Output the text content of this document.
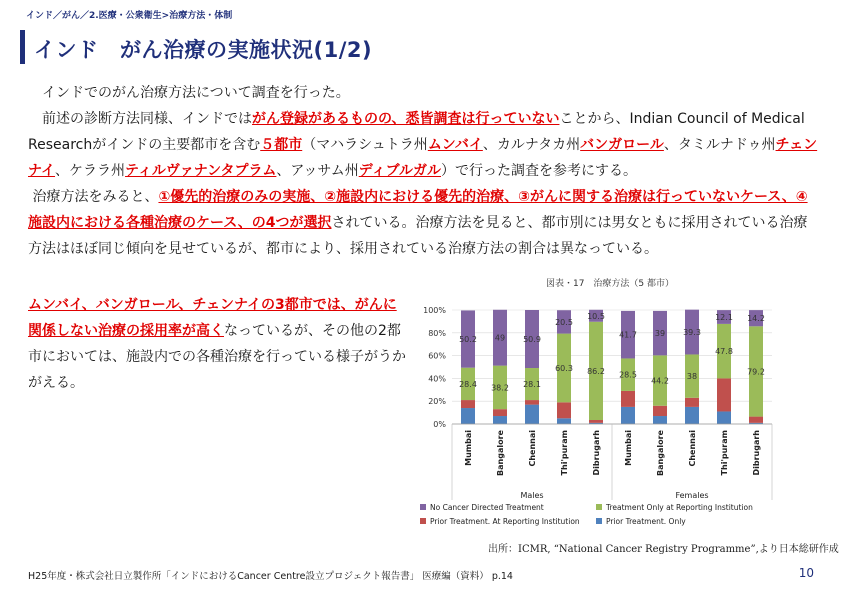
インド／がん／2.医療・公衆衛生>治療方法・体制
インド　がん治療の実施状況(1/2)

　インドでのがん治療方法について調査を行った。

　前述の診断方法同様、インドではがん登録があるものの、悉皆調査は行っていないことから、Indian Council of Medical Researchがインドの主要都市を含む５都市（マハラシュトラ州ムンバイ、カルナタカ州バンガロール、タミルナドゥ州チェンナイ、ケララ州ティルヴァナンタプラム、アッサム州ディブルガル）で行った調査を参考にする。

治療方法をみると、①優先的治療のみの実施、②施設内における優先的治療、③がんに関する治療は行っていないケース、④施設内における各種治療のケース、の4つが選択されている。治療方法を見ると、都市別には男女ともに採用されている治療方法はほぼ同じ傾向を見せているが、都市により、採用されている治療方法の割合は異なっている。

ムンバイ、バンガロール、チェンナイの3都市では、がんに関係しない治療の採用率が高くなっているが、その他の2都市においては、施設内での各種治療を行っている様子がうかがえる。

図表・17　治療方法（5 都市）
0%
20%
40%
60%
80%
100%
28.4
50.2
Mumbai
38.2
49
Bangalore
28.1
50.9
Chennai
60.3
20.5
Thi'puram
86.2
10.5
Dibrugarh
28.5
41.7
Mumbai
44.2
39
Bangalore
38
39.3
Chennai
47.8
12.1
Thi'puram
79.2
14.2
Dibrugarh
Males	Females
No Cancer Directed Treatment	Treatment Only at Reporting Institution
Prior Treatment. At Reporting Institution	Prior Treatment. Only
出所：ICMR, “National Cancer Registry Programme”,より日本総研作成
H25年度・株式会社日立製作所「インドにおけるCancer Centre設立プロジェクト報告書」 医療編（資料） p.14	10
